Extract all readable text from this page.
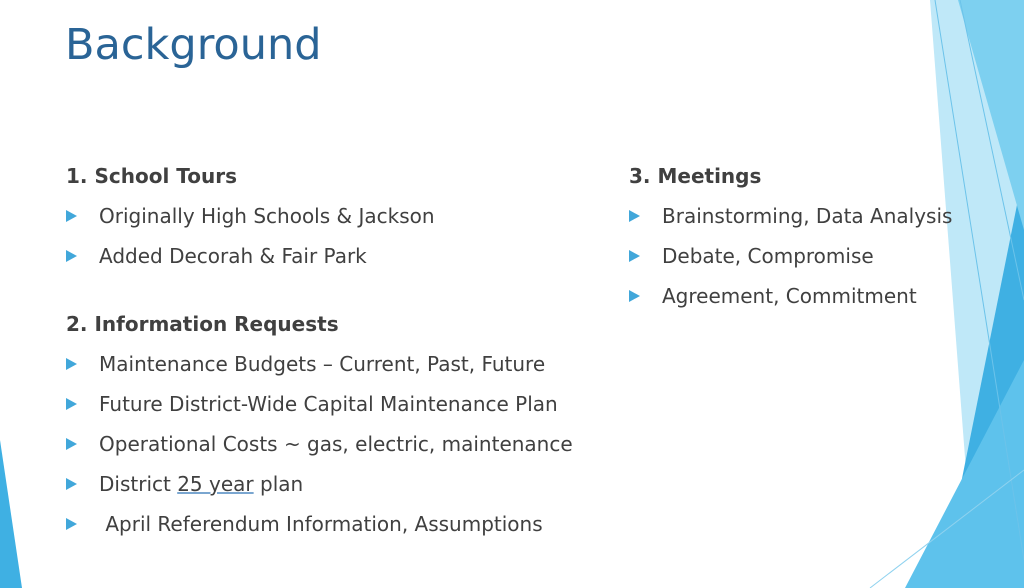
Background
1. School Tours
Originally High Schools & Jackson
Added Decorah & Fair Park
2. Information Requests
Maintenance Budgets – Current, Past, Future
Future District-Wide Capital Maintenance Plan
Operational Costs ~ gas, electric, maintenance
District 25 year plan
April Referendum Information, Assumptions
3. Meetings
Brainstorming, Data Analysis
Debate, Compromise
Agreement, Commitment
